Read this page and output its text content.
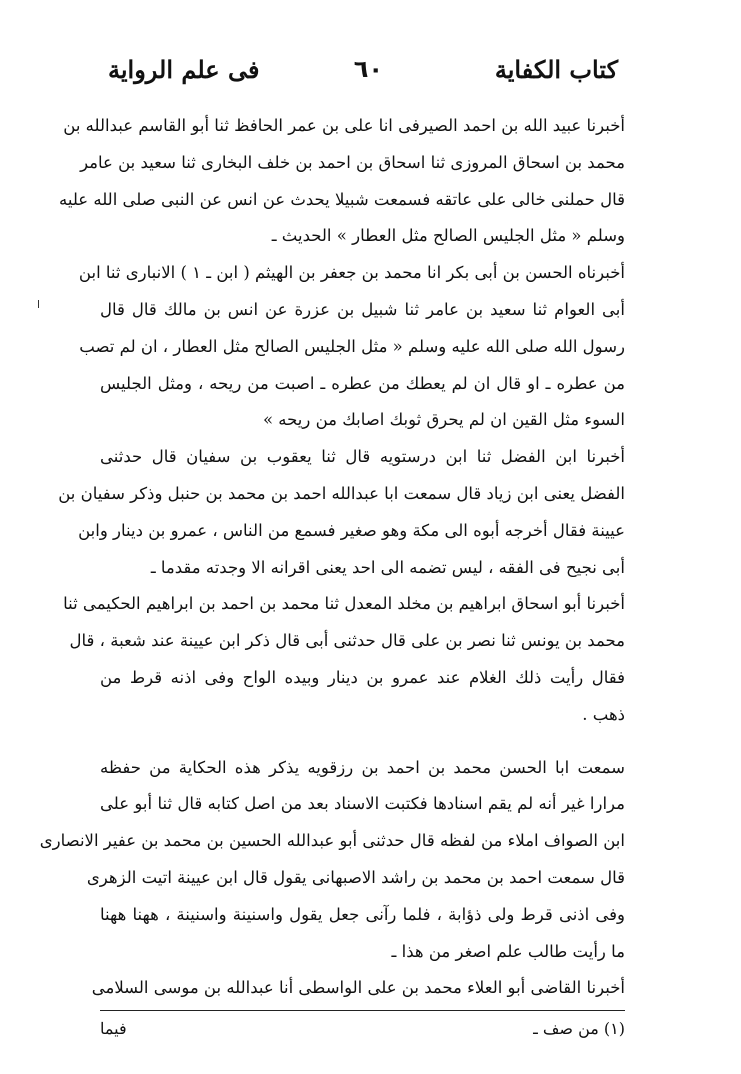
كتاب الكفاية
٦٠
فى علم الرواية
أخبرنا عبيد الله بن احمد الصيرفى انا على بن عمر الحافظ ثنا أبو القاسم عبدالله بن
محمد بن اسحاق المروزى ثنا اسحاق بن احمد بن خلف البخارى ثنا سعيد بن عامر
قال حملنى خالى على عاتقه فسمعت شبيلا يحدث عن انس عن النبى صلى الله عليه
وسلم « مثل الجليس الصالح مثل العطار » الحديث ـ
أخبرناه الحسن بن أبى بكر انا محمد بن جعفر بن الهيثم ( ابن ـ ١ ) الانبارى ثنا ابن
أبى العوام ثنا سعيد بن عامر ثنا شبيل بن عزرة عن انس بن مالك قال قال
رسول الله صلى الله عليه وسلم « مثل الجليس الصالح مثل العطار ، ان لم تصب
من عطره ـ او قال ان لم يعطك من عطره ـ اصبت من ريحه ، ومثل الجليس
السوء مثل القين ان لم يحرق ثوبك اصابك من ريحه »
أخبرنا ابن الفضل ثنا ابن درستويه قال ثنا يعقوب بن سفيان قال حدثنى
الفضل يعنى ابن زياد قال سمعت ابا عبدالله احمد بن محمد بن حنبل وذكر سفيان بن
عيينة فقال أخرجه أبوه الى مكة وهو صغير فسمع من الناس ، عمرو بن دينار وابن
أبى نجيح فى الفقه ، ليس تضمه الى احد يعنى اقرانه الا وجدته مقدما ـ
أخبرنا أبو اسحاق ابراهيم بن مخلد المعدل ثنا محمد بن احمد بن ابراهيم الحكيمى ثنا
محمد بن يونس ثنا نصر بن على قال حدثنى أبى قال ذكر ابن عيينة عند شعبة ، قال
فقال رأيت ذلك الغلام عند عمرو بن دينار وبيده الواح وفى اذنه قرط من
ذهب .
سمعت ابا الحسن محمد بن احمد بن رزقويه يذكر هذه الحكاية من حفظه
مرارا غير أنه لم يقم اسنادها فكتبت الاسناد بعد من اصل كتابه قال ثنا أبو على
ابن الصواف املاء من لفظه قال حدثنى أبو عبدالله الحسين بن محمد بن عفير الانصارى
قال سمعت احمد بن محمد بن راشد الاصبهانى يقول قال ابن عيينة اتيت الزهرى
وفى اذنى قرط ولى ذؤابة ، فلما رآنى جعل يقول واسنينة واسنينة ، ههنا ههنا
ما رأيت طالب علم اصغر من هذا ـ
أخبرنا القاضى أبو العلاء محمد بن على الواسطى أنا عبدالله بن موسى السلامى
(١) من صف ـ
فيما
